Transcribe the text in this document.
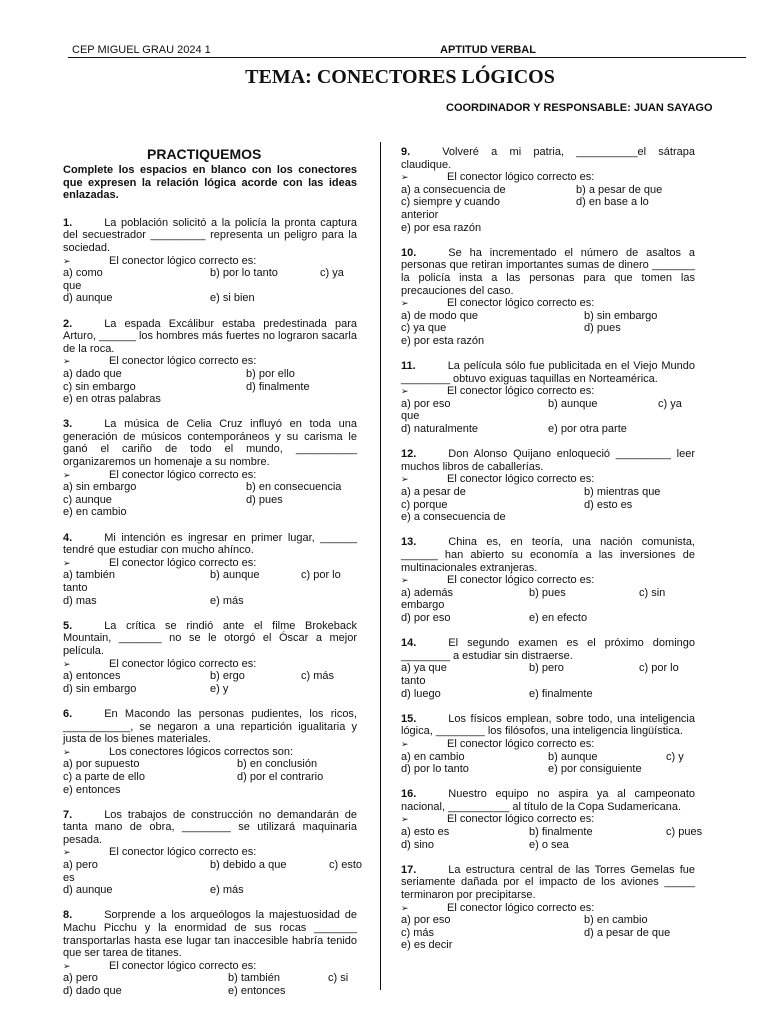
CEP MIGUEL GRAU 2024 1	APTITUD VERBAL
TEMA: CONECTORES LÓGICOS
COORDINADOR Y RESPONSABLE: JUAN SAYAGO
PRACTIQUEMOS
Complete los espacios en blanco con los conectores que expresen la relación lógica acorde con las ideas enlazadas.
1.	La población solicitó a la policía la pronta captura del secuestrador _________ representa un peligro para la sociedad.
➢	El conector lógico correcto es:
a) como	b) por lo tanto	c) ya
que
d) aunque	e) si bien
2.	La espada Excálibur estaba predestinada para Arturo, ______ los hombres más fuertes no lograron sacarla de la roca.
➢	El conector lógico correcto es:
a) dado que	b) por ello
c) sin embargo	d) finalmente
e) en otras palabras
3.	La música de Celia Cruz influyó en toda una generación de músicos contemporáneos y su carisma le ganó el cariño de todo el mundo, __________ organizaremos un homenaje a su nombre.
➢	El conector lógico correcto es:
a) sin embargo	b) en consecuencia
c) aunque	d) pues
e) en cambio
4.	Mi intención es ingresar en primer lugar, ______ tendré que estudiar con mucho ahínco.
➢	El conector lógico correcto es:
a) también	b) aunque	c) por lo
tanto
d) mas	e) más
5.	La crítica se rindió ante el filme Brokeback Mountain, _______ no se le otorgó el Óscar a mejor película.
➢	El conector lógico correcto es:
a) entonces	b) ergo	c) más
d) sin embargo	e) y
6.	En Macondo las personas pudientes, los ricos, ___________, se negaron a una repartición igualitaria y justa de los bienes materiales.
➢	Los conectores lógicos correctos son:
a) por supuesto	b) en conclusión
c) a parte de ello	d) por el contrario
e) entonces
7.	Los trabajos de construcción no demandarán de tanta mano de obra, ________ se utilizará maquinaria pesada.
➢	El conector lógico correcto es:
a) pero	b) debido a que	c) esto
es
d) aunque	e) más
8.	Sorprende a los arqueólogos la majestuosidad de Machu Picchu y la enormidad de sus rocas _______ transportarlas hasta ese lugar tan inaccesible habría tenido que ser tarea de titanes.
➢	El conector lógico correcto es:
a) pero	b) también	c) si
d) dado que	e) entonces
9.	Volveré a mi patria, __________el sátrapa claudique.
➢	El conector lógico correcto es:
a) a consecuencia de	b) a pesar de que
c) siempre y cuando	d) en base a lo
anterior
e) por esa razón
10.	Se ha incrementado el número de asaltos a personas que retiran importantes sumas de dinero _______ la policía insta a las personas para que tomen las precauciones del caso.
➢	El conector lógico correcto es:
a) de modo que	b) sin embargo
c) ya que	d) pues
e) por esta razón
11.	La película sólo fue publicitada en el Viejo Mundo ________ obtuvo exiguas taquillas en Norteamérica.
➢	El conector lógico correcto es:
a) por eso	b) aunque	c) ya
que
d) naturalmente	e) por otra parte
12.	Don Alonso Quijano enloqueció _________ leer muchos libros de caballerías.
➢	El conector lógico correcto es:
a) a pesar de	b) mientras que
c) porque	d) esto es
e) a consecuencia de
13.	China es, en teoría, una nación comunista, ______ han abierto su economía a las inversiones de multinacionales extranjeras.
➢	El conector lógico correcto es:
a) además	b) pues	c) sin
embargo
d) por eso	e) en efecto
14.	El segundo examen es el próximo domingo ________ a estudiar sin distraerse.
a) ya que	b) pero	c) por lo
tanto
d) luego	e) finalmente
15.	Los físicos emplean, sobre todo, una inteligencia lógica, ________ los filósofos, una inteligencia lingüística.
➢	El conector lógico correcto es:
a) en cambio	b) aunque	c) y
d) por lo tanto	e) por consiguiente
16.	Nuestro equipo no aspira ya al campeonato nacional, __________ al título de la Copa Sudamericana.
➢	El conector lógico correcto es:
a) esto es	b) finalmente	c) pues
d) sino	e) o sea
17.	La estructura central de las Torres Gemelas fue seriamente dañada por el impacto de los aviones _____ terminaron por precipitarse.
➢	El conector lógico correcto es:
a) por eso	b) en cambio
c) más	d) a pesar de que
e) es decir
